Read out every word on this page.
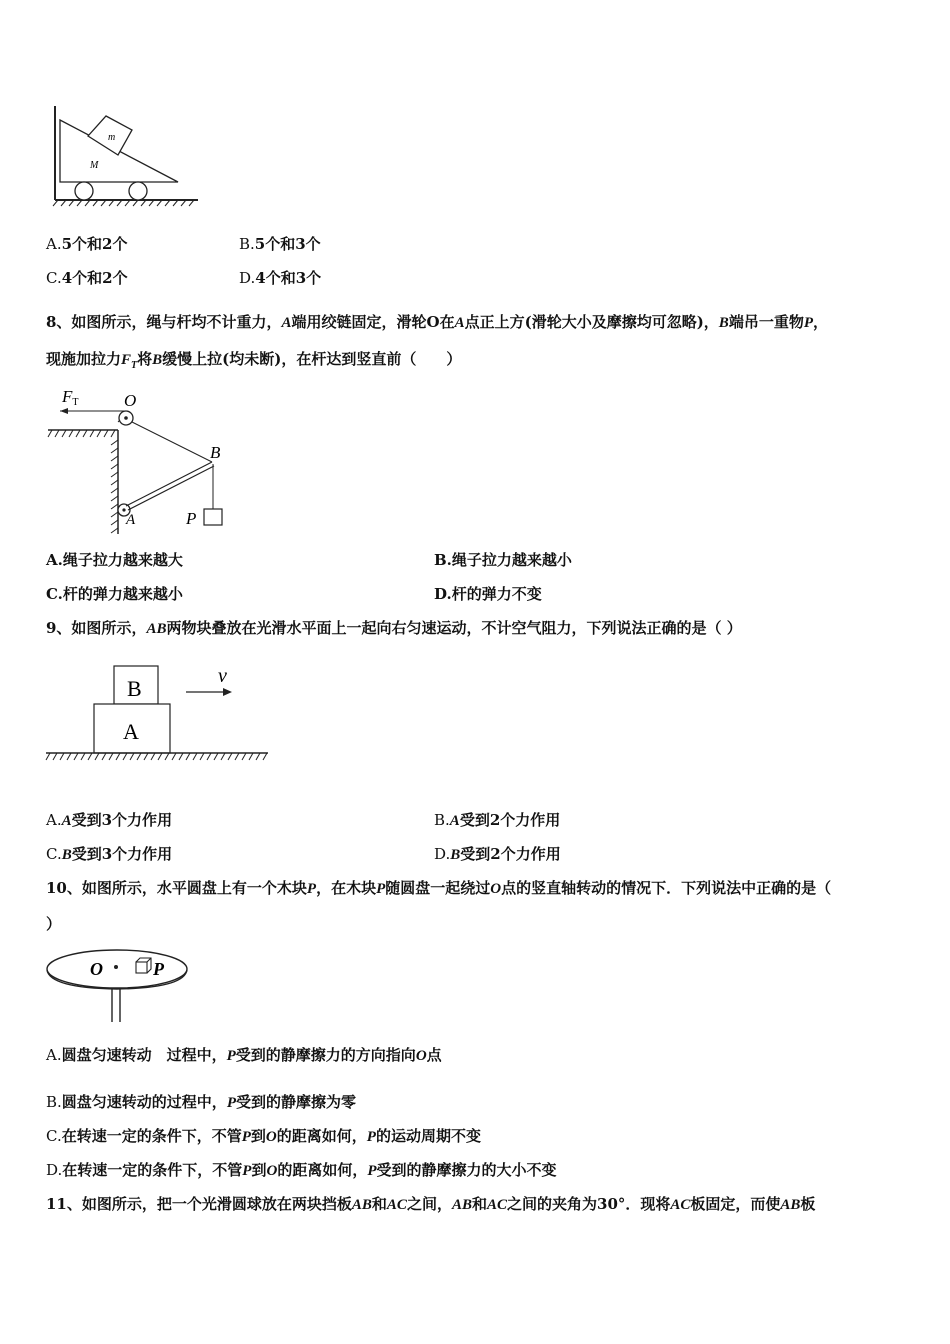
m
M
A.5个和2个	B.5个和3个
C.4个和2个	D.4个和3个
8、如图所示，绳与杆均不计重力，A端用绞链固定，滑轮O在A点正上方(滑轮大小及摩擦均可忽略)，B端吊一重物P，
现施加拉力$F_T$将B缓慢上拉(均未断)，在杆达到竖直前（　　）
FT	O
B
A	P
A.绳子拉力越来越大	B.绳子拉力越来越小
C.杆的弹力越来越小	D.杆的弹力不变
9、如图所示，AB两物块叠放在光滑水平面上一起向右匀速运动，不计空气阻力，下列说法正确的是（ ）
B
A
v
A.A受到3个力作用	B.A受到2个力作用
C.B受到3个力作用	D.B受到2个力作用
10、如图所示，水平圆盘上有一个木块P，在木块P随圆盘一起绕过O点的竖直轴转动的情况下．下列说法中正确的是（
）
O	P
A.圆盘匀速转动　过程中，P受到的静摩擦力的方向指向O点
B.圆盘匀速转动的过程中，P受到的静摩擦为零
C.在转速一定的条件下，不管P到O的距离如何，P的运动周期不变
D.在转速一定的条件下，不管P到O的距离如何，P受到的静摩擦力的大小不变
11、如图所示，把一个光滑圆球放在两块挡板AB和AC之间，AB和AC之间的夹角为30°．现将AC板固定，而使AB板
